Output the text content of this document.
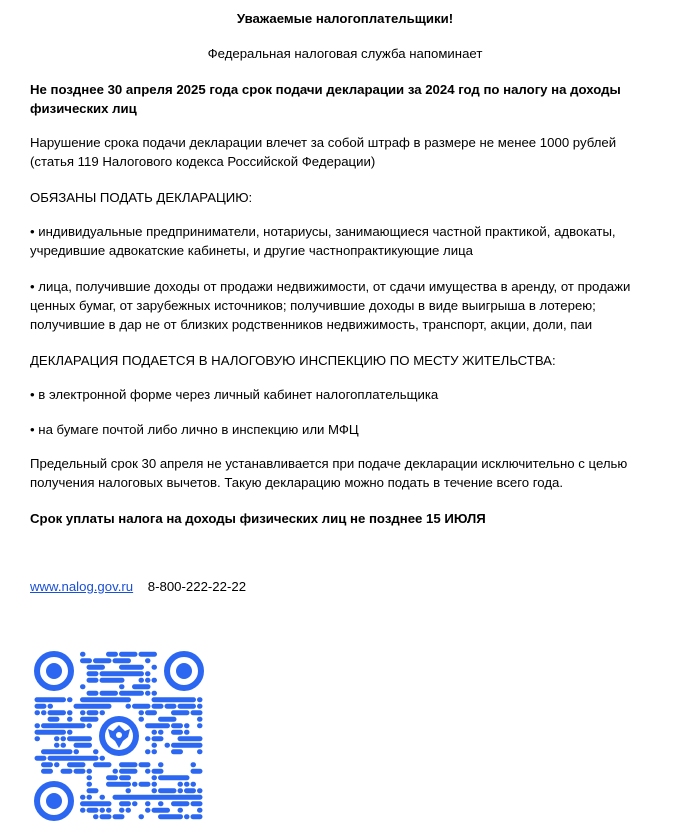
Уважаемые налогоплательщики!

Федеральная налоговая служба напоминает

Не позднее 30 апреля 2025 года срок подачи декларации за 2024 год по налогу на доходы

физических лиц

Нарушение срока подачи декларации влечет за собой штраф в размере не менее 1000 рублей

(статья 119 Налогового кодекса Российской Федерации)

ОБЯЗАНЫ ПОДАТЬ ДЕКЛАРАЦИЮ:

• индивидуальные предприниматели, нотариусы, занимающиеся частной практикой, адвокаты,

учредившие адвокатские кабинеты, и другие частнопрактикующие лица

• лица, получившие доходы от продажи недвижимости, от сдачи имущества в аренду, от продажи

ценных бумаг, от зарубежных источников; получившие доходы в виде выигрыша в лотерею;

получившие в дар не от близких родственников недвижимость, транспорт, акции, доли, паи

ДЕКЛАРАЦИЯ ПОДАЕТСЯ В НАЛОГОВУЮ ИНСПЕКЦИЮ ПО МЕСТУ ЖИТЕЛЬСТВА:

• в электронной форме через личный кабинет налогоплательщика

• на бумаге почтой либо лично в инспекцию или МФЦ

Предельный срок 30 апреля не устанавливается при подаче декларации исключительно с целью

получения налоговых вычетов. Такую декларацию можно подать в течение всего года.

Срок уплаты налога на доходы физических лиц не позднее 15 ИЮЛЯ

www.nalog.gov.ru 8-800-222-22-22
